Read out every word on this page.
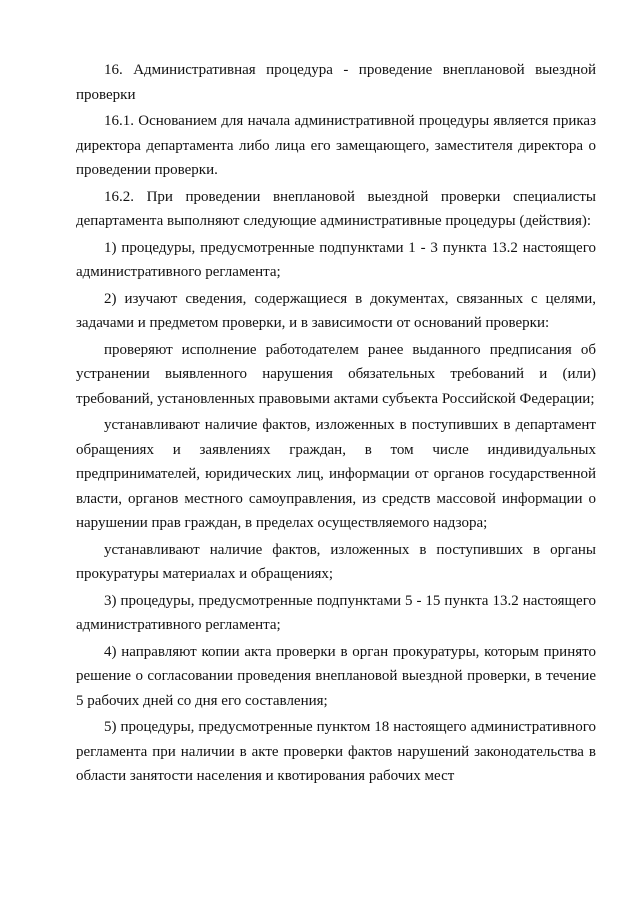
16. Административная процедура - проведение внеплановой выездной проверки

16.1. Основанием для начала административной процедуры является приказ директора департамента либо лица его замещающего, заместителя директора о проведении проверки.

16.2. При проведении внеплановой выездной проверки специалисты департамента выполняют следующие административные процедуры (действия):

1) процедуры, предусмотренные подпунктами 1 - 3 пункта 13.2 настоящего административного регламента;

2) изучают сведения, содержащиеся в документах, связанных с целями, задачами и предметом проверки, и в зависимости от оснований проверки:

проверяют исполнение работодателем ранее выданного предписания об устранении выявленного нарушения обязательных требований и (или) требований, установленных правовыми актами субъекта Российской Федерации;

устанавливают наличие фактов, изложенных в поступивших в департамент обращениях и заявлениях граждан, в том числе индивидуальных предпринимателей, юридических лиц, информации от органов государственной власти, органов местного самоуправления, из средств массовой информации о нарушении прав граждан, в пределах осуществляемого надзора;

устанавливают наличие фактов, изложенных в поступивших в органы прокуратуры материалах и обращениях;

3) процедуры, предусмотренные подпунктами 5 - 15 пункта 13.2 настоящего административного регламента;

4) направляют копии акта проверки в орган прокуратуры, которым принято решение о согласовании проведения внеплановой выездной проверки, в течение 5 рабочих дней со дня его составления;

5) процедуры, предусмотренные пунктом 18 настоящего административного регламента при наличии в акте проверки фактов нарушений законодательства в области занятости населения и квотирования рабочих мест
